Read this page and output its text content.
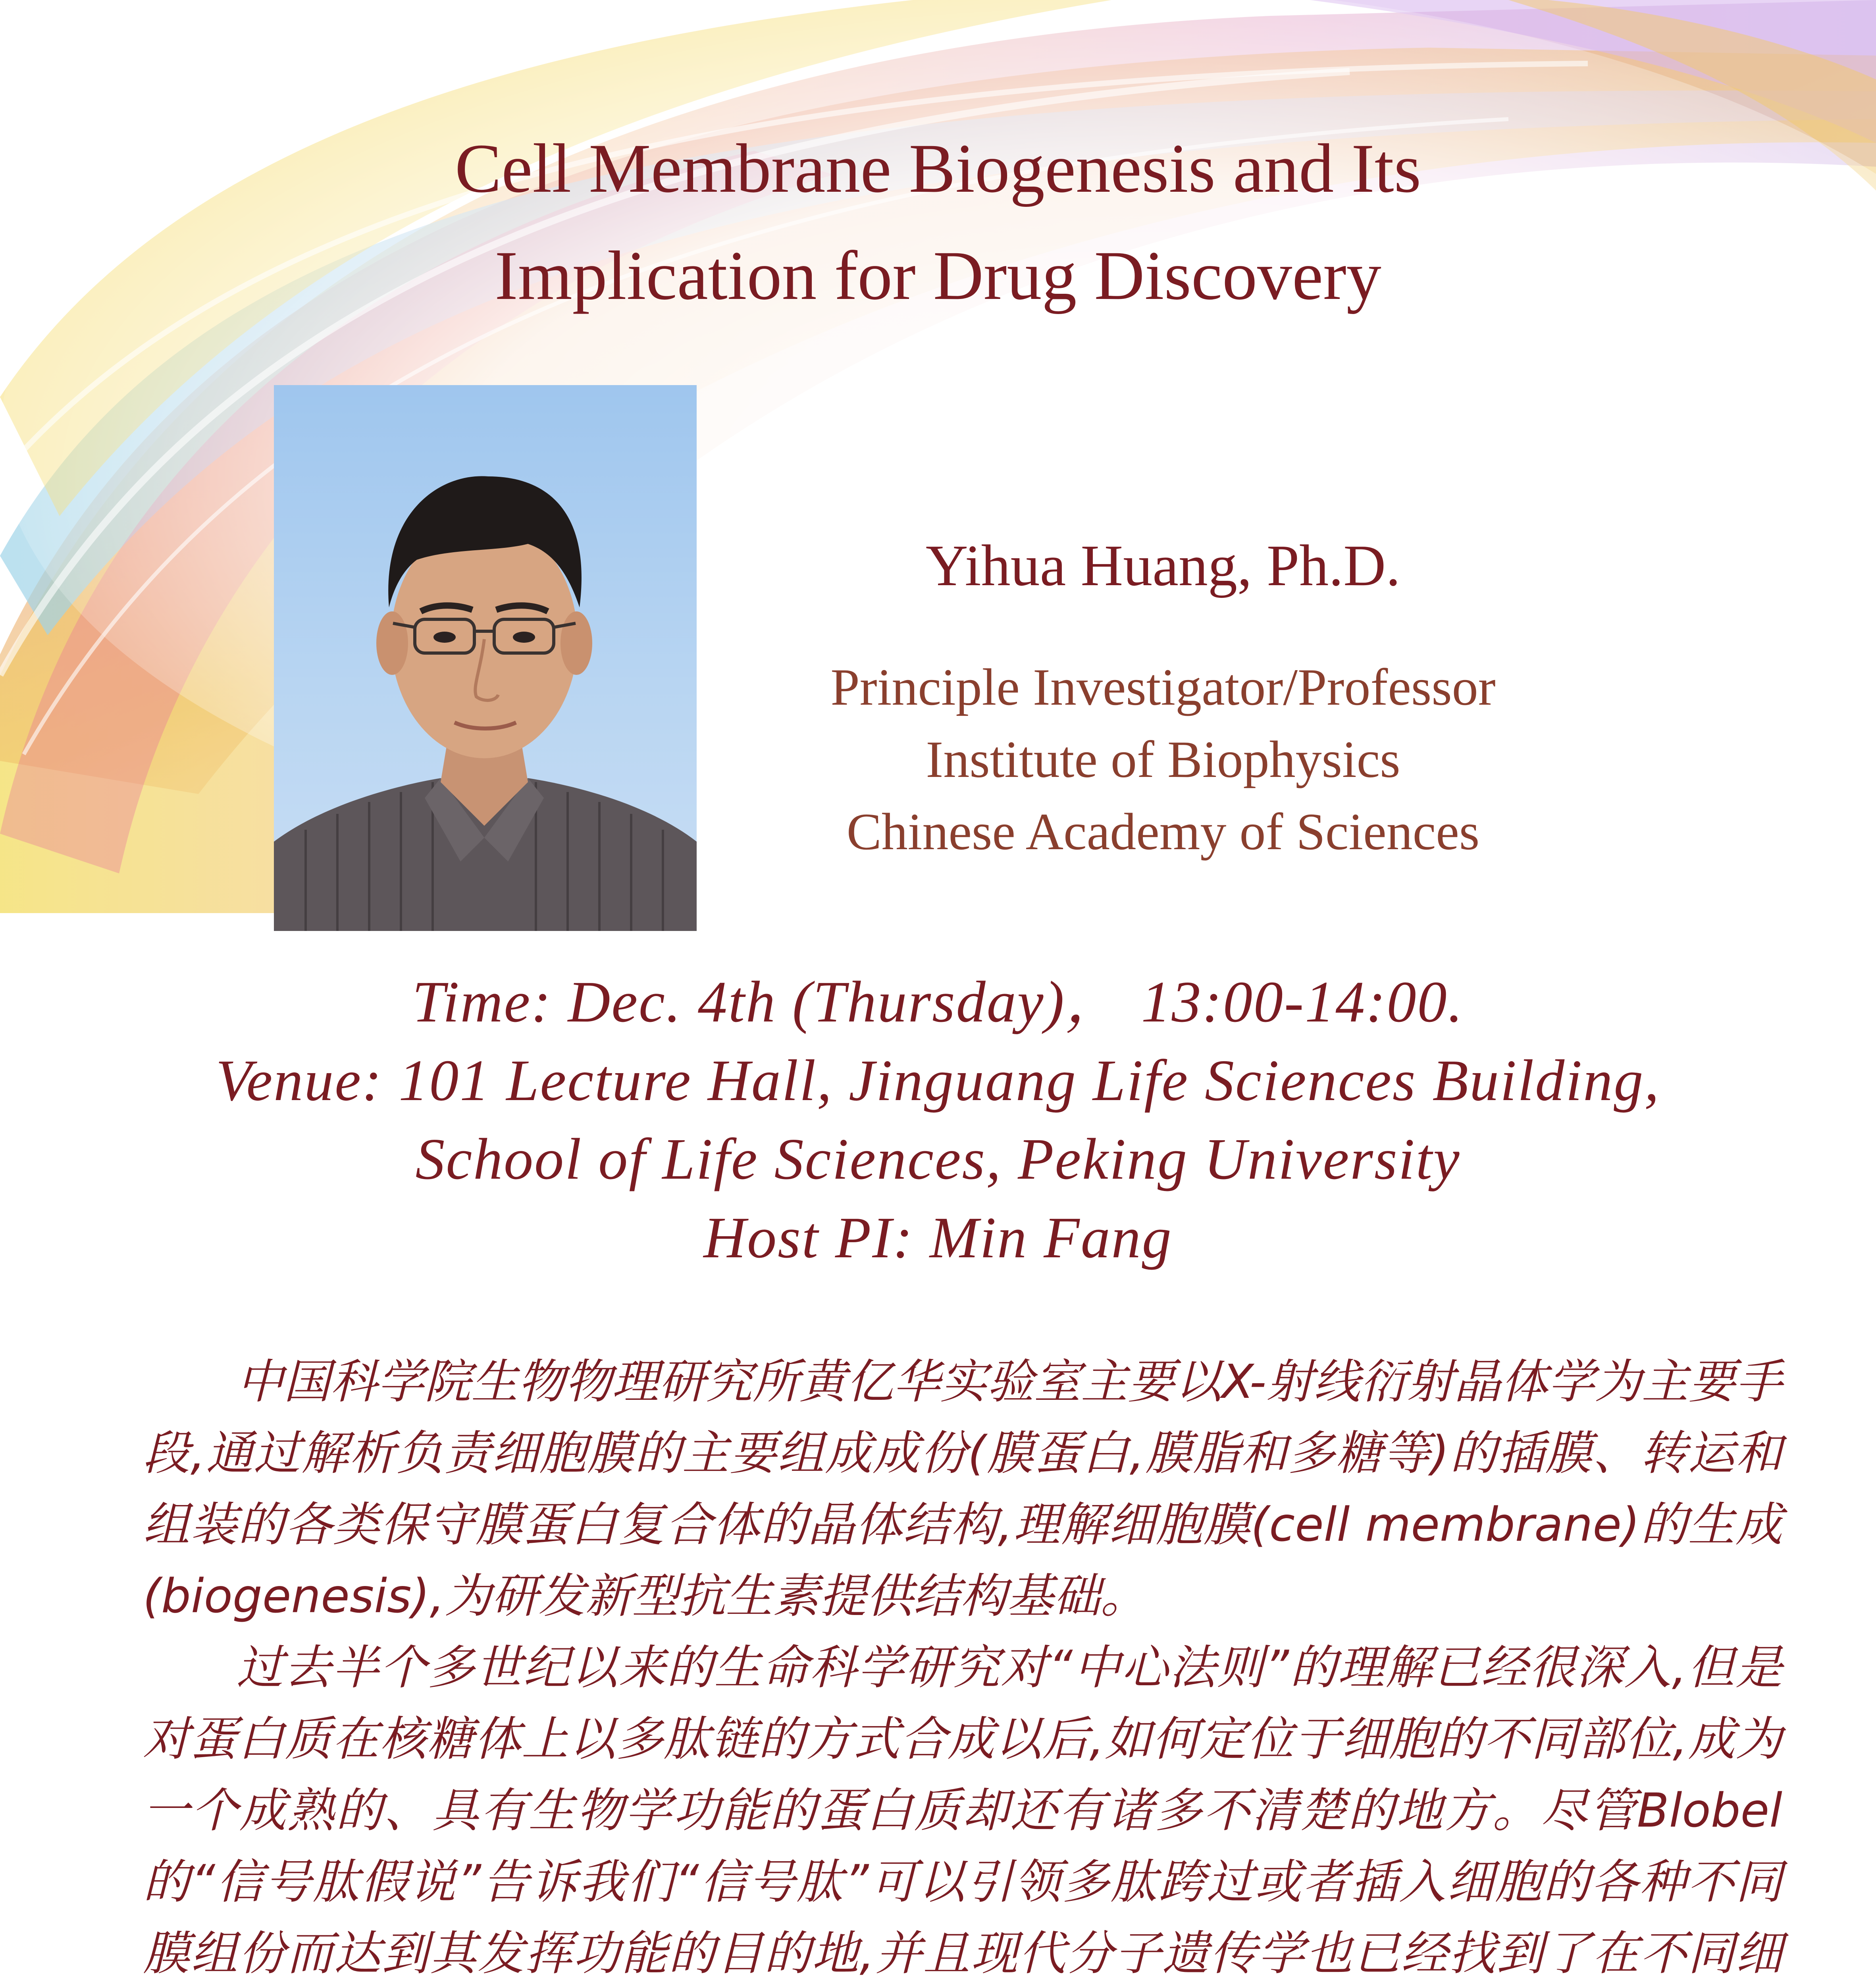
Cell Membrane Biogenesis and Its
Implication for Drug Discovery
Yihua Huang, Ph.D.
Principle Investigator/Professor
Institute of Biophysics
Chinese Academy of Sciences
Time: Dec. 4th (Thursday)， 13:00-14:00.
Venue: 101 Lecture Hall, Jinguang Life Sciences Building,
School of Life Sciences, Peking University
Host PI: Min Fang

中国科学院生物物理研究所黄亿华实验室主要以X-射线衍射晶体学为主要手段,通过解析负责细胞膜的主要组成成份(膜蛋白,膜脂和多糖等)的插膜、转运和组装的各类保守膜蛋白复合体的晶体结构,理解细胞膜(cell membrane)的生成(biogenesis),为研发新型抗生素提供结构基础。

过去半个多世纪以来的生命科学研究对“中心法则”的理解已经很深入,但是对蛋白质在核糖体上以多肽链的方式合成以后,如何定位于细胞的不同部位,成为一个成熟的、具有生物学功能的蛋白质却还有诸多不清楚的地方。尽管Blobel的“信号肽假说”告诉我们“信号肽”可以引领多肽跨过或者插入细胞的各种不同膜组份而达到其发挥功能的目的地,并且现代分子遗传学也已经找到了在不同细
